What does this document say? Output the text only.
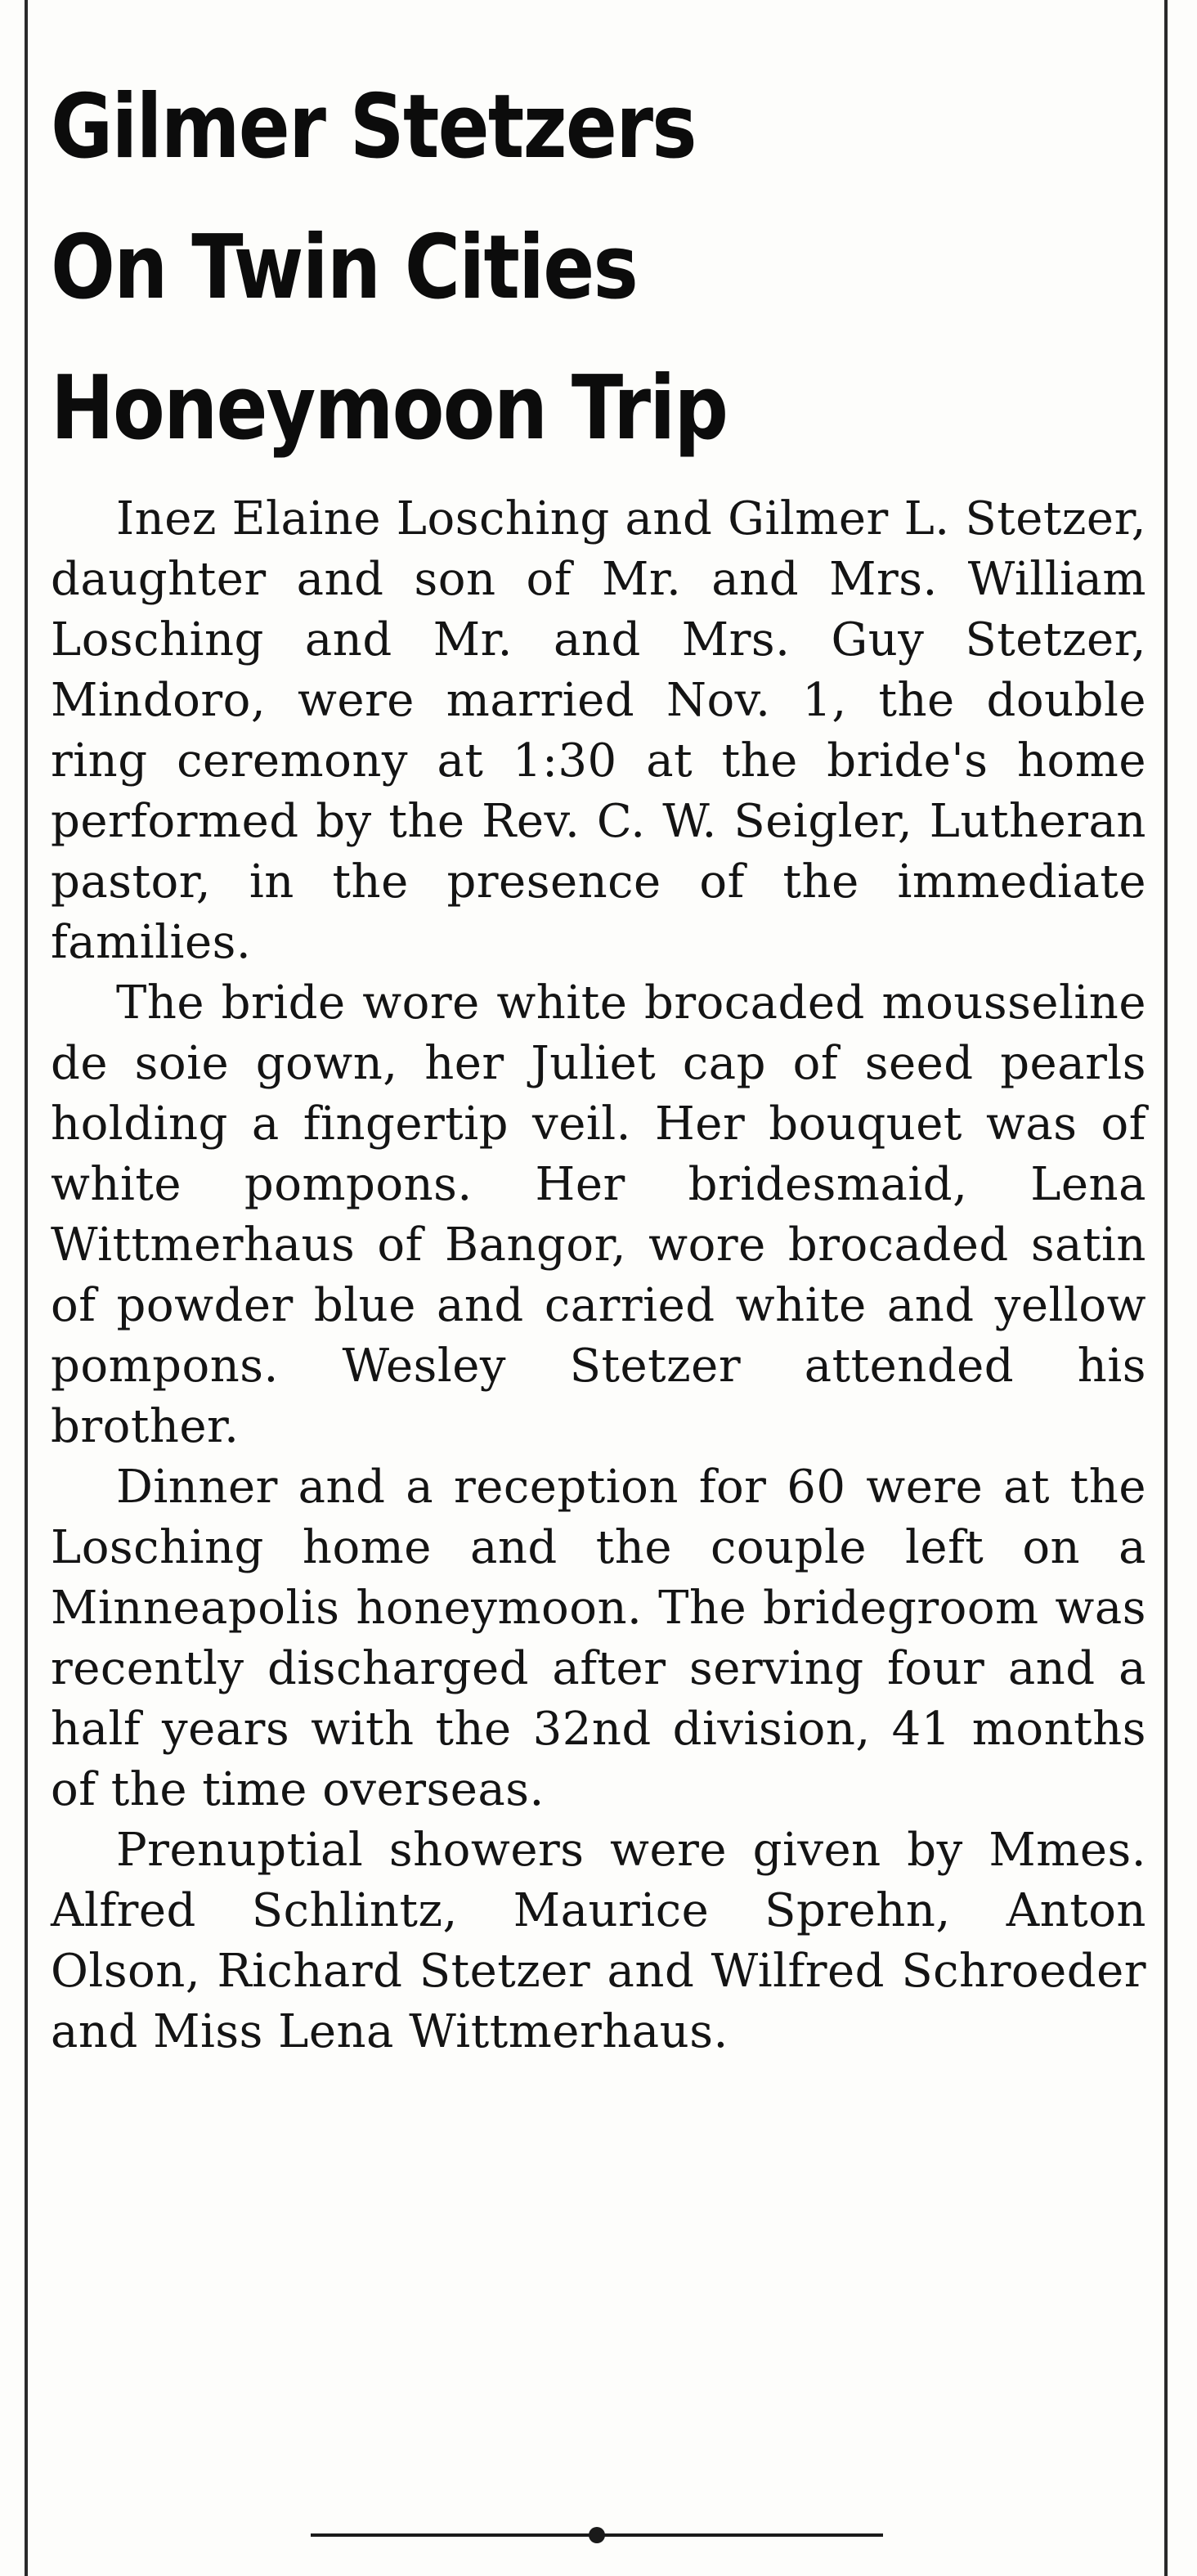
Gilmer Stetzers
On Twin Cities
Honeymoon Trip

Inez Elaine Losching and Gilmer L. Stetzer, daughter and son of Mr. and Mrs. William Losching and Mr. and Mrs. Guy Stetzer, Mindoro, were married Nov. 1, the double ring ceremony at 1:30 at the bride's home performed by the Rev. C. W. Seigler, Lutheran pastor, in the presence of the immediate families.

The bride wore white brocaded mousseline de soie gown, her Juliet cap of seed pearls holding a fingertip veil. Her bouquet was of white pompons. Her bridesmaid, Lena Wittmerhaus of Bangor, wore brocaded satin of powder blue and carried white and yellow pompons. Wesley Stetzer attended his brother.

Dinner and a reception for 60 were at the Losching home and the couple left on a Minneapolis honeymoon. The bridegroom was recently discharged after serving four and a half years with the 32nd division, 41 months of the time overseas.

Prenuptial showers were given by Mmes. Alfred Schlintz, Maurice Sprehn, Anton Olson, Richard Stetzer and Wilfred Schroeder and Miss Lena Wittmerhaus.
